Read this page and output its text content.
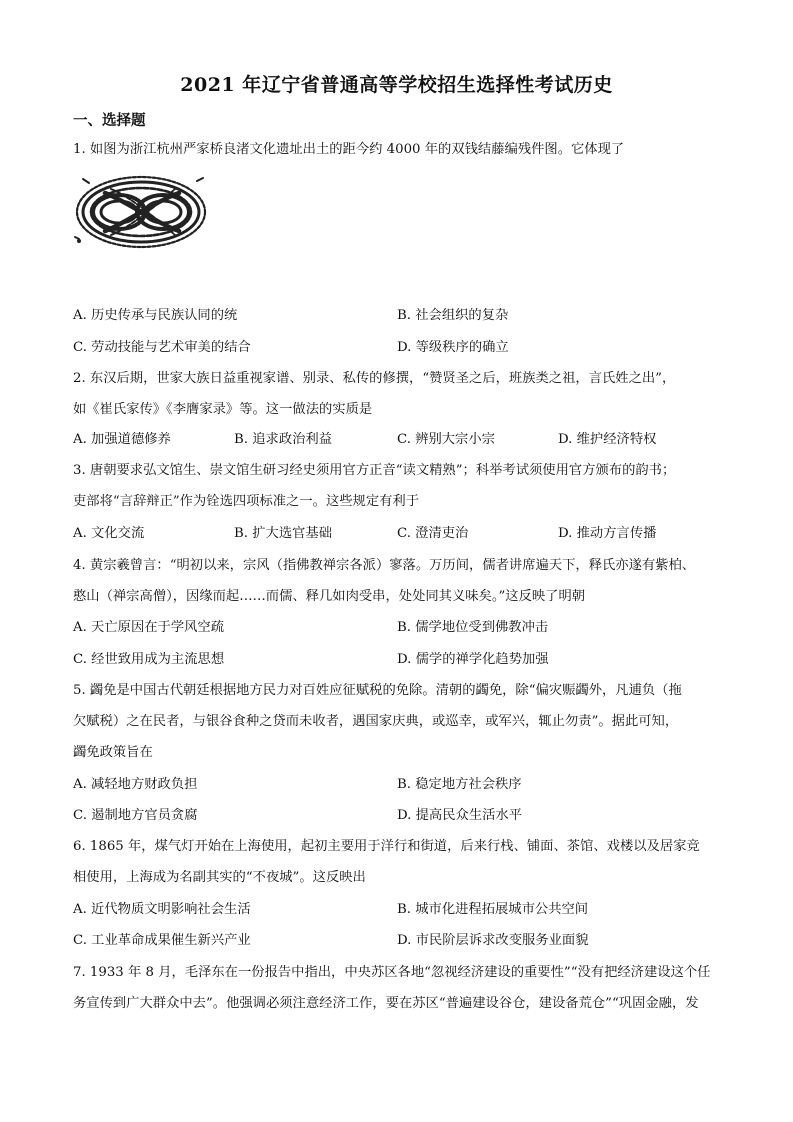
2021 年辽宁省普通高等学校招生选择性考试历史
一、选择题
1. 如图为浙江杭州严家桥良渚文化遗址出土的距今约 4000 年的双钱结藤编残件图。它体现了
A. 历史传承与民族认同的统	B. 社会组织的复杂
C. 劳动技能与艺术审美的结合	D. 等级秩序的确立
2. 东汉后期，世家大族日益重视家谱、别录、私传的修撰，“赞贤圣之后，班族类之祖，言氏姓之出”，
如《崔氏家传》《李膺家录》等。这一做法的实质是
A. 加强道德修养	B. 追求政治利益	C. 辨别大宗小宗	D. 维护经济特权
3. 唐朝要求弘文馆生、崇文馆生研习经史须用官方正音“读文精熟”；科举考试须使用官方颁布的韵书；
吏部将“言辞辩正”作为铨选四项标准之一。这些规定有利于
A. 文化交流	B. 扩大选官基础	C. 澄清吏治	D. 推动方言传播
4. 黄宗羲曾言：“明初以来，宗风（指佛教禅宗各派）寥落。万历间，儒者讲席遍天下，释氏亦遂有紫柏、
憨山（禅宗高僧），因缘而起……而儒、释几如肉受串，处处同其义味矣。”这反映了明朝
A. 天亡原因在于学风空疏	B. 儒学地位受到佛教冲击
C. 经世致用成为主流思想	D. 儒学的禅学化趋势加强
5. 蠲免是中国古代朝廷根据地方民力对百姓应征赋税的免除。清朝的蠲免，除“偏灾赈蠲外，凡逋负（拖
欠赋税）之在民者，与银谷食种之贷而未收者，遇国家庆典，或巡幸，或军兴，辄止勿责”。据此可知，
蠲免政策旨在
A. 减轻地方财政负担	B. 稳定地方社会秩序
C. 遏制地方官员贪腐	D. 提高民众生活水平
6. 1865 年，煤气灯开始在上海使用，起初主要用于洋行和街道，后来行栈、铺面、茶馆、戏楼以及居家竞
相使用，上海成为名副其实的“不夜城”。这反映出
A. 近代物质文明影响社会生活	B. 城市化进程拓展城市公共空间
C. 工业革命成果催生新兴产业	D. 市民阶层诉求改变服务业面貌
7. 1933 年 8 月，毛泽东在一份报告中指出，中央苏区各地“忽视经济建设的重要性”“没有把经济建设这个任
务宣传到广大群众中去”。他强调必须注意经济工作，要在苏区“普遍建设谷仓，建设备荒仓”“巩固金融，发
